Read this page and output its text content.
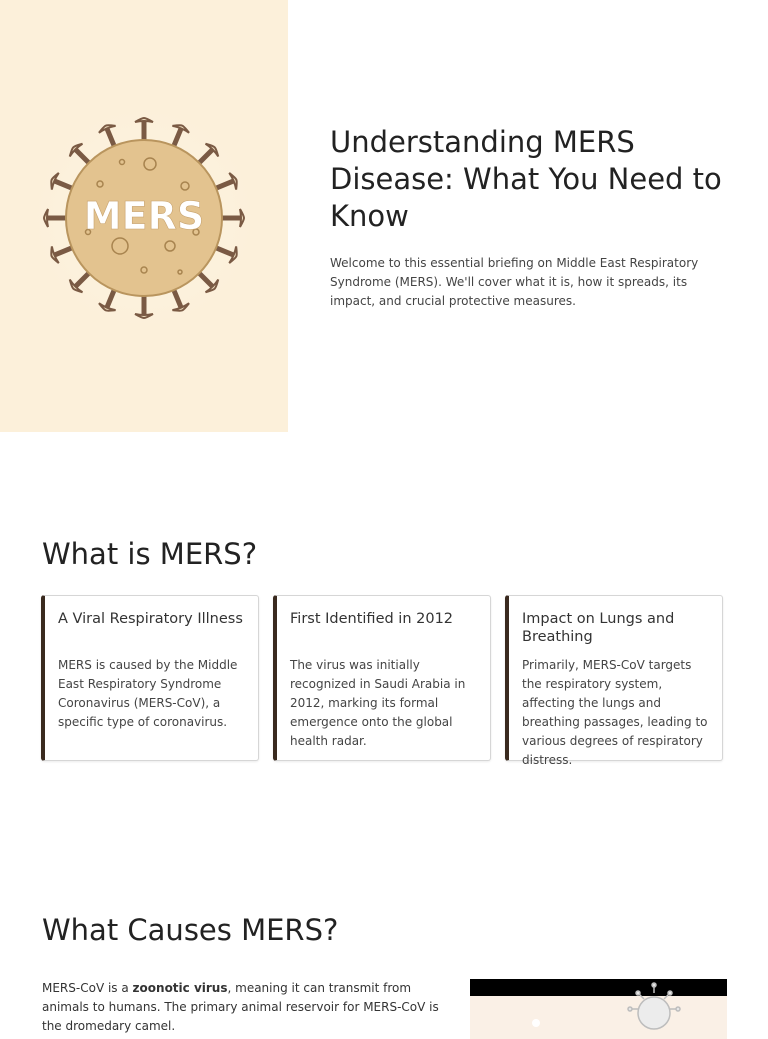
MERS
Understanding MERS Disease: What You Need to Know

Welcome to this essential briefing on Middle East Respiratory Syndrome (MERS). We'll cover what it is, how it spreads, its impact, and crucial protective measures.

What is MERS?
A Viral Respiratory Illness

MERS is caused by the Middle East Respiratory Syndrome Coronavirus (MERS-CoV), a specific type of coronavirus.

First Identified in 2012

The virus was initially recognized in Saudi Arabia in 2012, marking its formal emergence onto the global health radar.

Impact on Lungs and Breathing

Primarily, MERS-CoV targets the respiratory system, affecting the lungs and breathing passages, leading to various degrees of respiratory distress.

What Causes MERS?

MERS-CoV is a zoonotic virus, meaning it can transmit from animals to humans. The primary animal reservoir for MERS-CoV is the dromedary camel.
